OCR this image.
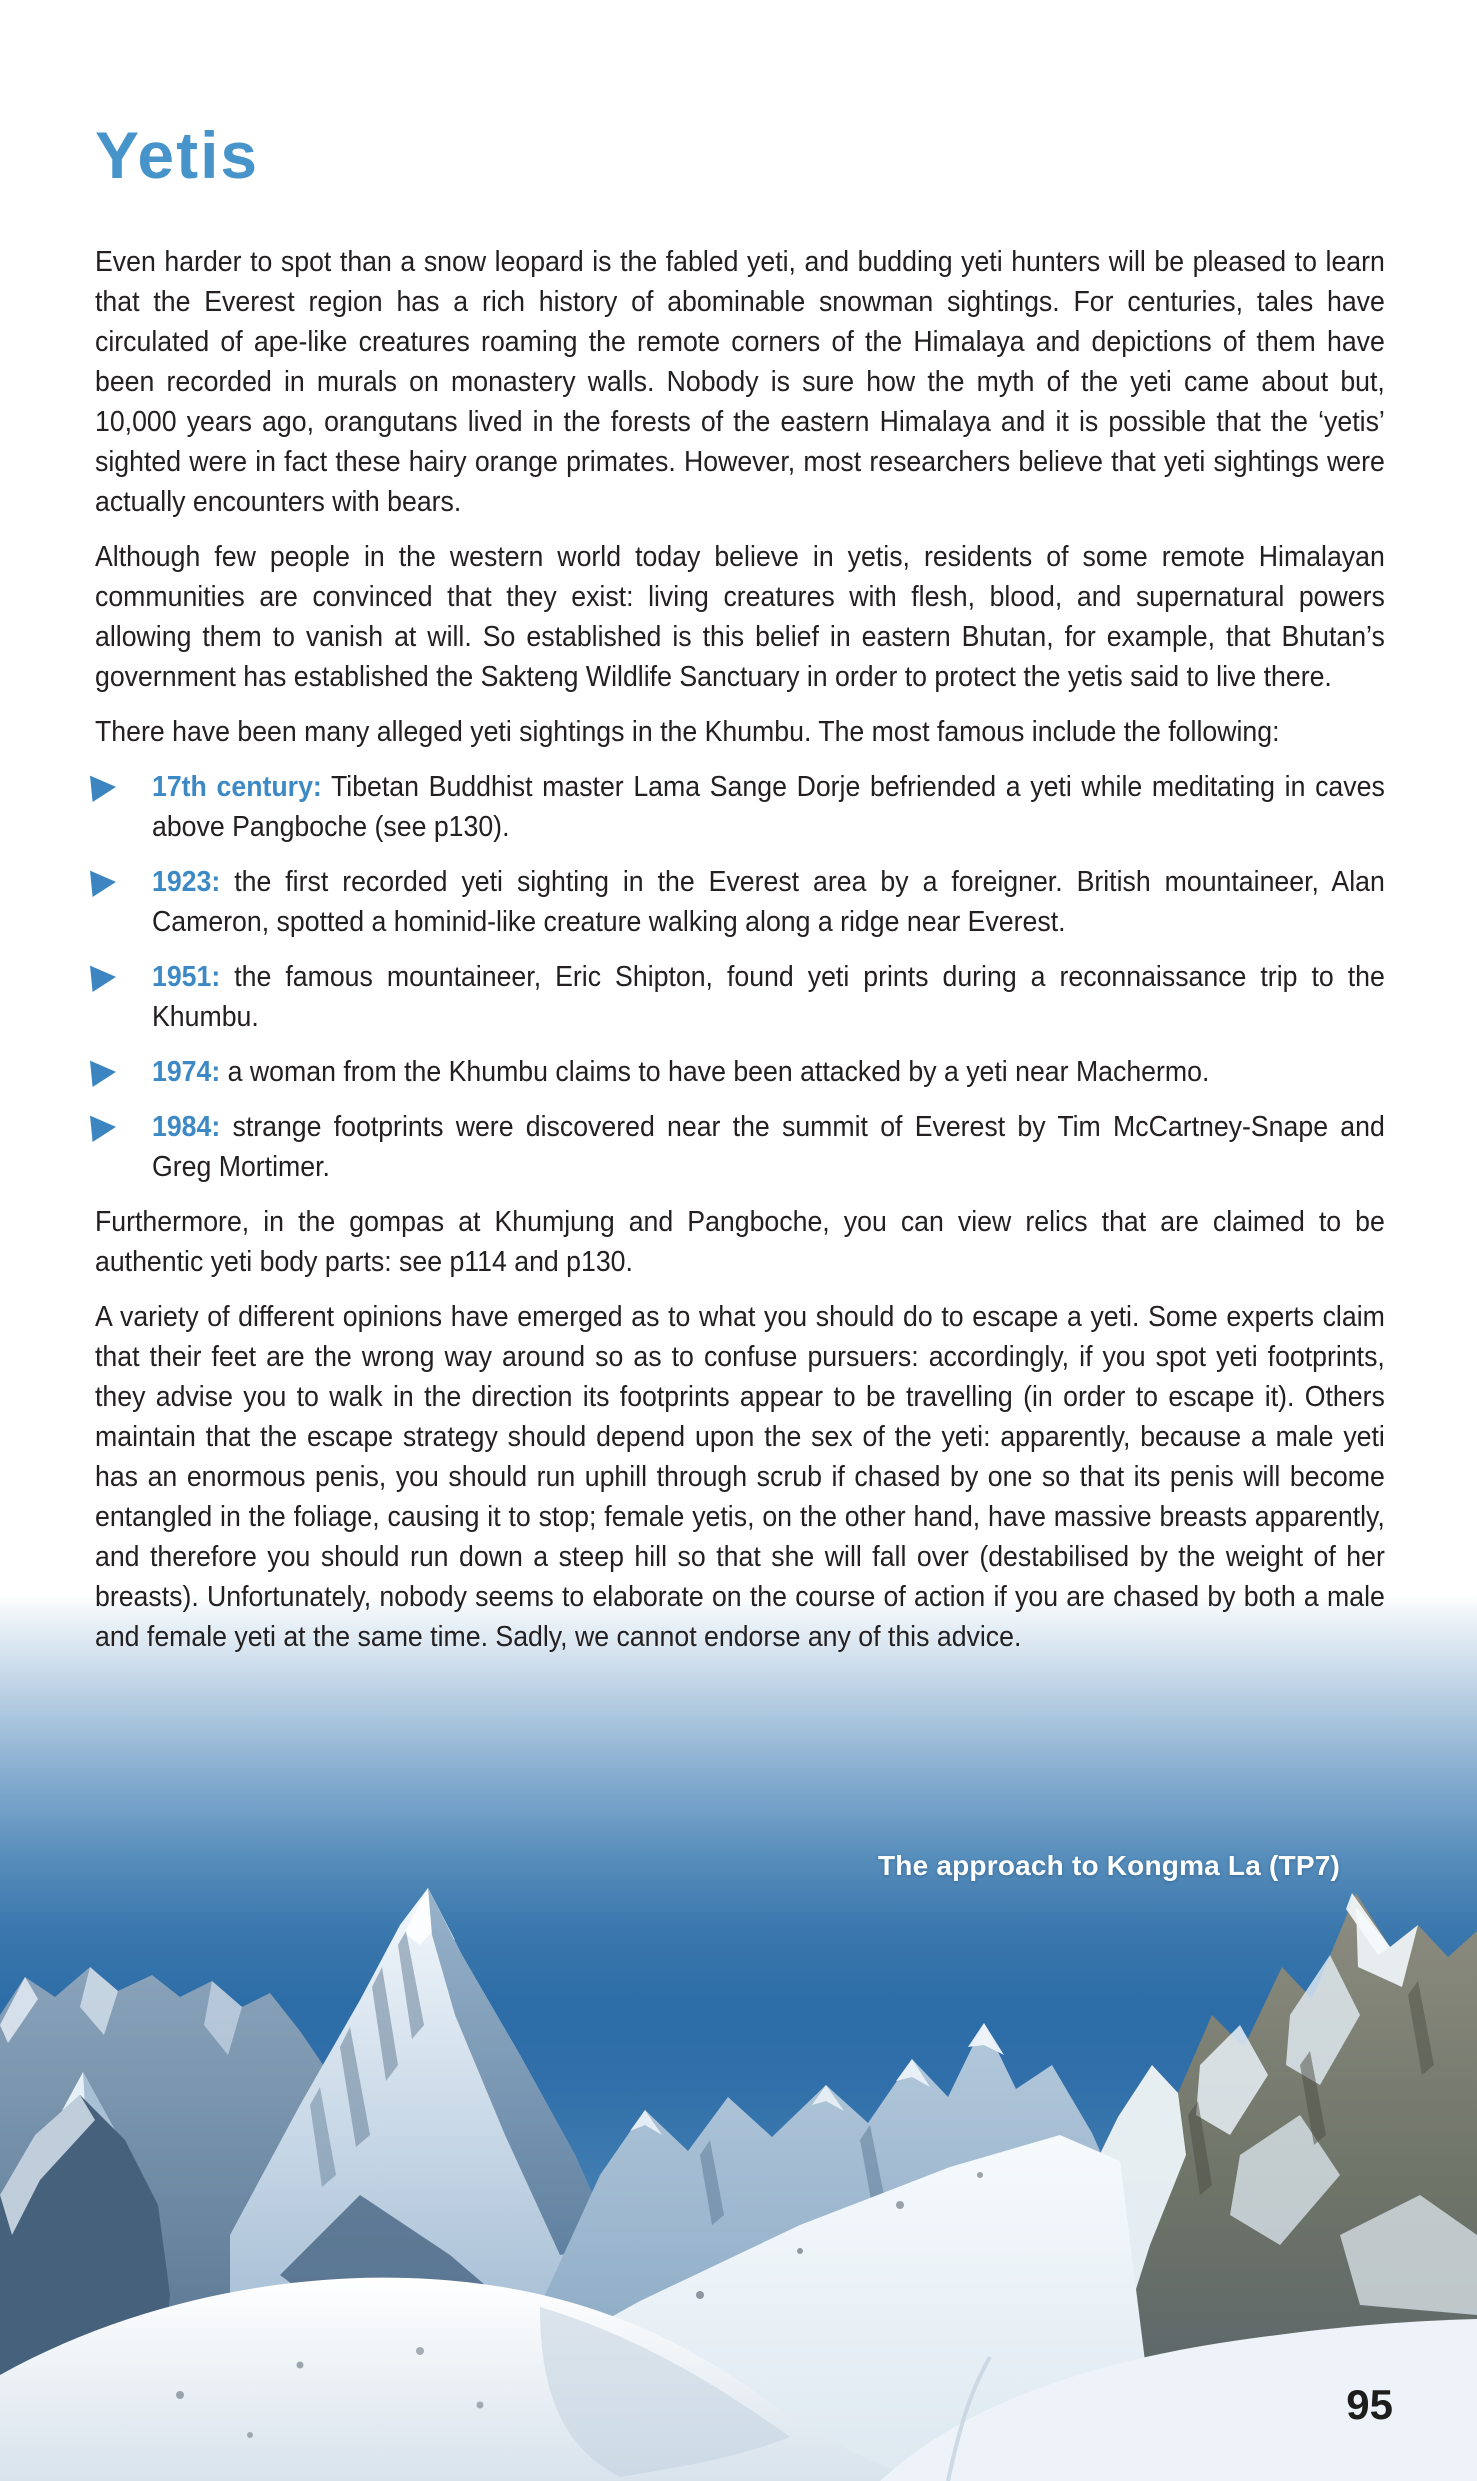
The approach to Kongma La (TP7)
95
Yetis

Even harder to spot than a snow leopard is the fabled yeti, and budding yeti hunters will be pleased to learn that the Everest region has a rich history of abominable snowman sightings. For centuries, tales have circulated of ape-like creatures roaming the remote corners of the Himalaya and depictions of them have been recorded in murals on monastery walls. Nobody is sure how the myth of the yeti came about but, 10,000 years ago, orangutans lived in the forests of the eastern Himalaya and it is possible that the ‘yetis’ sighted were in fact these hairy orange primates. However, most researchers believe that yeti sightings were actually encounters with bears.

Although few people in the western world today believe in yetis, residents of some remote Himalayan communities are convinced that they exist: living creatures with flesh, blood, and supernatural powers allowing them to vanish at will. So established is this belief in eastern Bhutan, for example, that Bhutan’s government has established the Sakteng Wildlife Sanctuary in order to protect the yetis said to live there.

There have been many alleged yeti sightings in the Khumbu. The most famous include the following:

17th century: Tibetan Buddhist master Lama Sange Dorje befriended a yeti while meditating in caves above Pangboche (see p130).

1923: the first recorded yeti sighting in the Everest area by a foreigner. British mountaineer, Alan Cameron, spotted a hominid-like creature walking along a ridge near Everest.

1951: the famous mountaineer, Eric Shipton, found yeti prints during a reconnaissance trip to the Khumbu.

1974: a woman from the Khumbu claims to have been attacked by a yeti near Machermo.

1984: strange footprints were discovered near the summit of Everest by Tim McCartney-Snape and Greg Mortimer.

Furthermore, in the gompas at Khumjung and Pangboche, you can view relics that are claimed to be authentic yeti body parts: see p114 and p130.

A variety of different opinions have emerged as to what you should do to escape a yeti. Some experts claim that their feet are the wrong way around so as to confuse pursuers: accordingly, if you spot yeti footprints, they advise you to walk in the direction its footprints appear to be travelling (in order to escape it). Others maintain that the escape strategy should depend upon the sex of the yeti: apparently, because a male yeti has an enormous penis, you should run uphill through scrub if chased by one so that its penis will become entangled in the foliage, causing it to stop; female yetis, on the other hand, have massive breasts apparently, and therefore you should run down a steep hill so that she will fall over (destabilised by the weight of her breasts). Unfortunately, nobody seems to elaborate on the course of action if you are chased by both a male and female yeti at the same time. Sadly, we cannot endorse any of this advice.
